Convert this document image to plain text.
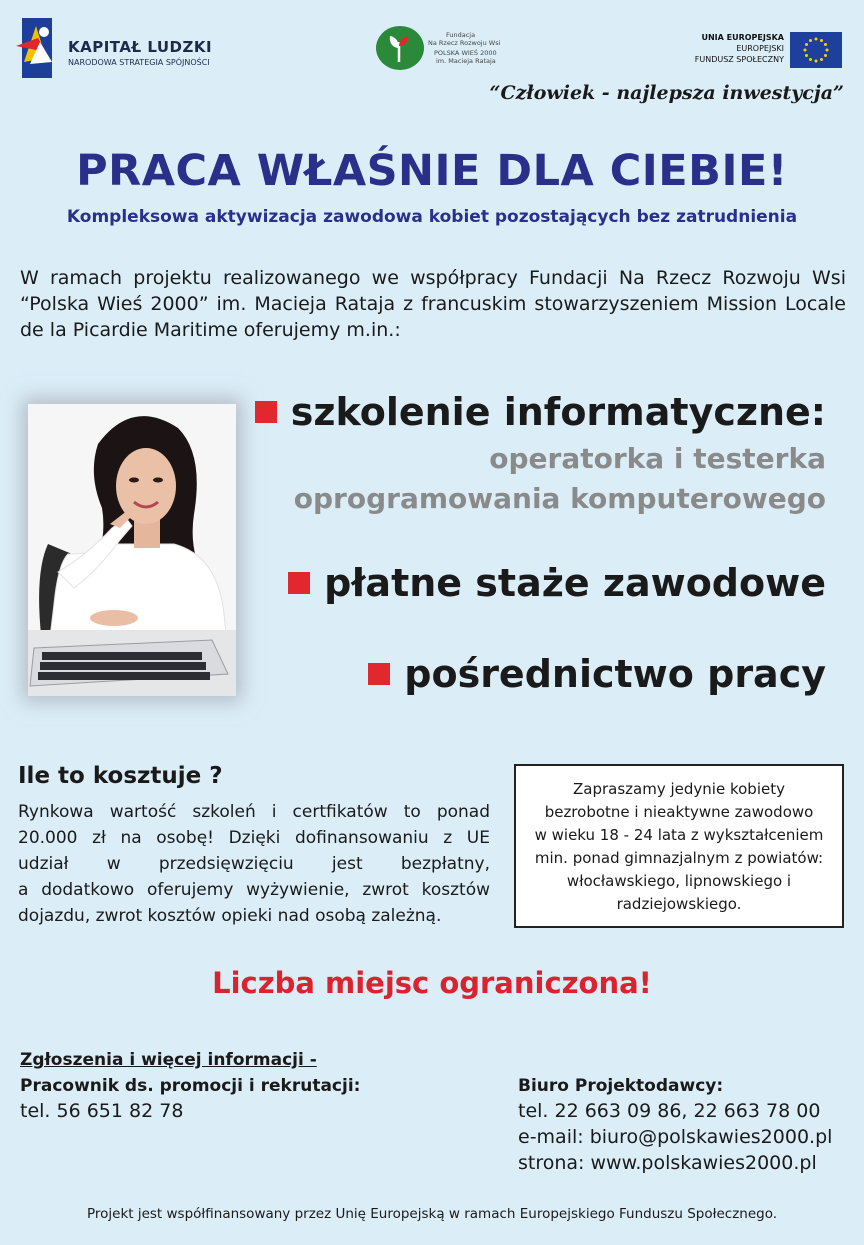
KAPITAŁ LUDZKI
NARODOWA STRATEGIA SPÓJNOŚCI
Fundacja
Na Rzecz Rozwoju Wsi
POLSKA WIEŚ 2000
im. Macieja Rataja
UNIA EUROPEJSKA
EUROPEJSKI
FUNDUSZ SPOŁECZNY
“Człowiek - najlepsza inwestycja”
PRACA WŁAŚNIE DLA CIEBIE!
Kompleksowa aktywizacja zawodowa kobiet pozostających bez zatrudnienia
W ramach projektu realizowanego we współpracy Fundacji Na Rzecz Rozwoju Wsi “Polska Wieś 2000” im. Macieja Rataja z francuskim stowarzyszeniem Mission Locale de la Picardie Maritime oferujemy m.in.:
szkolenie informatyczne:
operatorka i testerka
oprogramowania komputerowego
płatne staże zawodowe
pośrednictwo pracy
Ile to kosztuje ?
Rynkowa wartość szkoleń i certfikatów to ponad
20.000 zł na osobę! Dzięki dofinansowaniu z UE
udział w przedsięwzięciu jest bezpłatny,
a dodatkowo oferujemy wyżywienie, zwrot kosztów
dojazdu, zwrot kosztów opieki nad osobą zależną.
Zapraszamy jedynie kobiety
bezrobotne i nieaktywne zawodowo
w wieku 18 - 24 lata z wykształceniem
min. ponad gimnazjalnym z powiatów:
włocławskiego, lipnowskiego i
radziejowskiego.
Liczba miejsc ograniczona!
Zgłoszenia i więcej informacji -
Pracownik ds. promocji i rekrutacji:
tel. 56 651 82 78
Biuro Projektodawcy:
tel. 22 663 09 86, 22 663 78 00
e-mail: biuro@polskawies2000.pl
strona: www.polskawies2000.pl
Projekt jest współfinansowany przez Unię Europejską w ramach Europejskiego Funduszu Społecznego.
